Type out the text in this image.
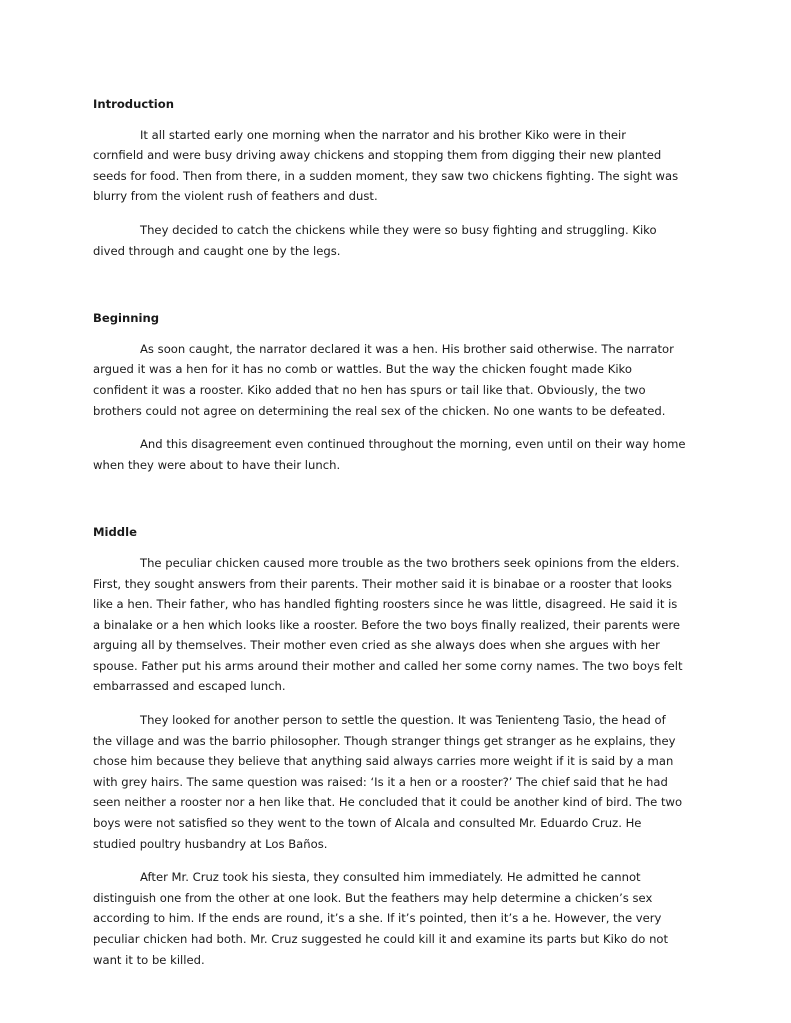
Introduction

It all started early one morning when the narrator and his brother Kiko were in their
cornfield and were busy driving away chickens and stopping them from digging their new planted
seeds for food. Then from there, in a sudden moment, they saw two chickens fighting. The sight was
blurry from the violent rush of feathers and dust.

They decided to catch the chickens while they were so busy fighting and struggling. Kiko
dived through and caught one by the legs.

Beginning

As soon caught, the narrator declared it was a hen. His brother said otherwise. The narrator
argued it was a hen for it has no comb or wattles. But the way the chicken fought made Kiko
confident it was a rooster. Kiko added that no hen has spurs or tail like that. Obviously, the two
brothers could not agree on determining the real sex of the chicken. No one wants to be defeated.

And this disagreement even continued throughout the morning, even until on their way home
when they were about to have their lunch.

Middle

The peculiar chicken caused more trouble as the two brothers seek opinions from the elders.
First, they sought answers from their parents. Their mother said it is binabae or a rooster that looks
like a hen. Their father, who has handled fighting roosters since he was little, disagreed. He said it is
a binalake or a hen which looks like a rooster. Before the two boys finally realized, their parents were
arguing all by themselves. Their mother even cried as she always does when she argues with her
spouse. Father put his arms around their mother and called her some corny names. The two boys felt
embarrassed and escaped lunch.

They looked for another person to settle the question. It was Tenienteng Tasio, the head of
the village and was the barrio philosopher. Though stranger things get stranger as he explains, they
chose him because they believe that anything said always carries more weight if it is said by a man
with grey hairs. The same question was raised: ‘Is it a hen or a rooster?’ The chief said that he had
seen neither a rooster nor a hen like that. He concluded that it could be another kind of bird. The two
boys were not satisfied so they went to the town of Alcala and consulted Mr. Eduardo Cruz. He
studied poultry husbandry at Los Baños.

After Mr. Cruz took his siesta, they consulted him immediately. He admitted he cannot
distinguish one from the other at one look. But the feathers may help determine a chicken’s sex
according to him. If the ends are round, it’s a she. If it’s pointed, then it’s a he. However, the very
peculiar chicken had both. Mr. Cruz suggested he could kill it and examine its parts but Kiko do not
want it to be killed.
